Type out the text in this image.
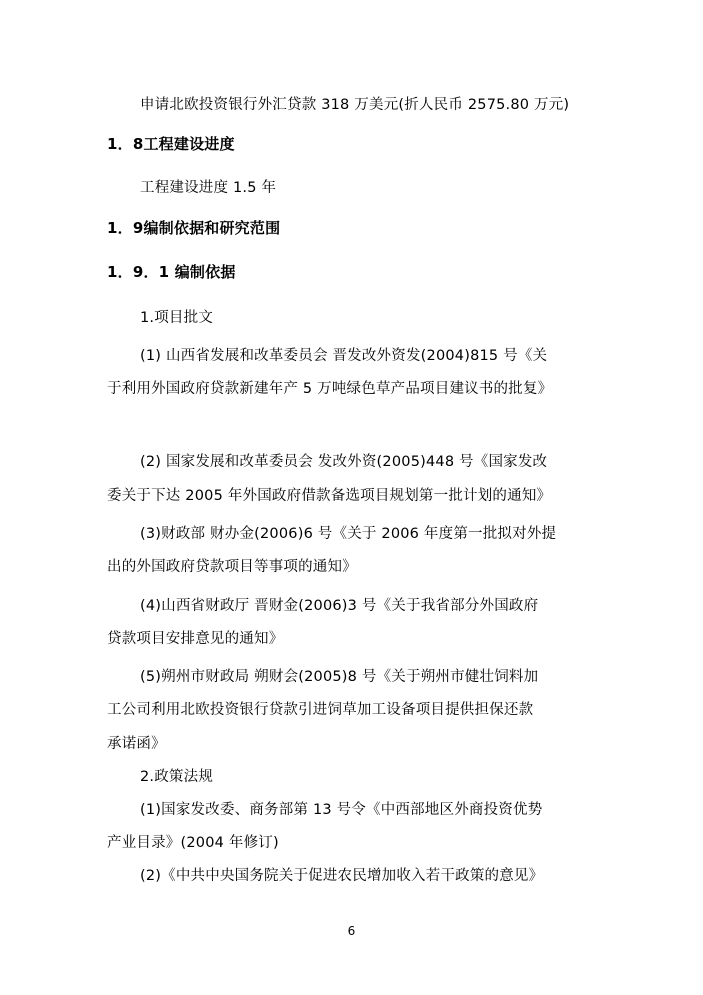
申请北欧投资银行外汇贷款 318 万美元(折人民币 2575.80 万元)
1．8工程建设进度
工程建设进度 1.5 年
1．9编制依据和研究范围
1．9．1 编制依据
1.项目批文
(1) 山西省发展和改革委员会 晋发改外资发(2004)815 号《关
于利用外国政府贷款新建年产 5 万吨绿色草产品项目建议书的批复》
(2) 国家发展和改革委员会 发改外资(2005)448 号《国家发改
委关于下达 2005 年外国政府借款备选项目规划第一批计划的通知》
(3)财政部 财办金(2006)6 号《关于 2006 年度第一批拟对外提
出的外国政府贷款项目等事项的通知》
(4)山西省财政厅 晋财金(2006)3 号《关于我省部分外国政府
贷款项目安排意见的通知》
(5)朔州市财政局 朔财会(2005)8 号《关于朔州市健壮饲料加
工公司利用北欧投资银行贷款引进饲草加工设备项目提供担保还款
承诺函》
2.政策法规
(1)国家发改委、商务部第 13 号令《中西部地区外商投资优势
产业目录》(2004 年修订)
(2)《中共中央国务院关于促进农民增加收入若干政策的意见》
6
